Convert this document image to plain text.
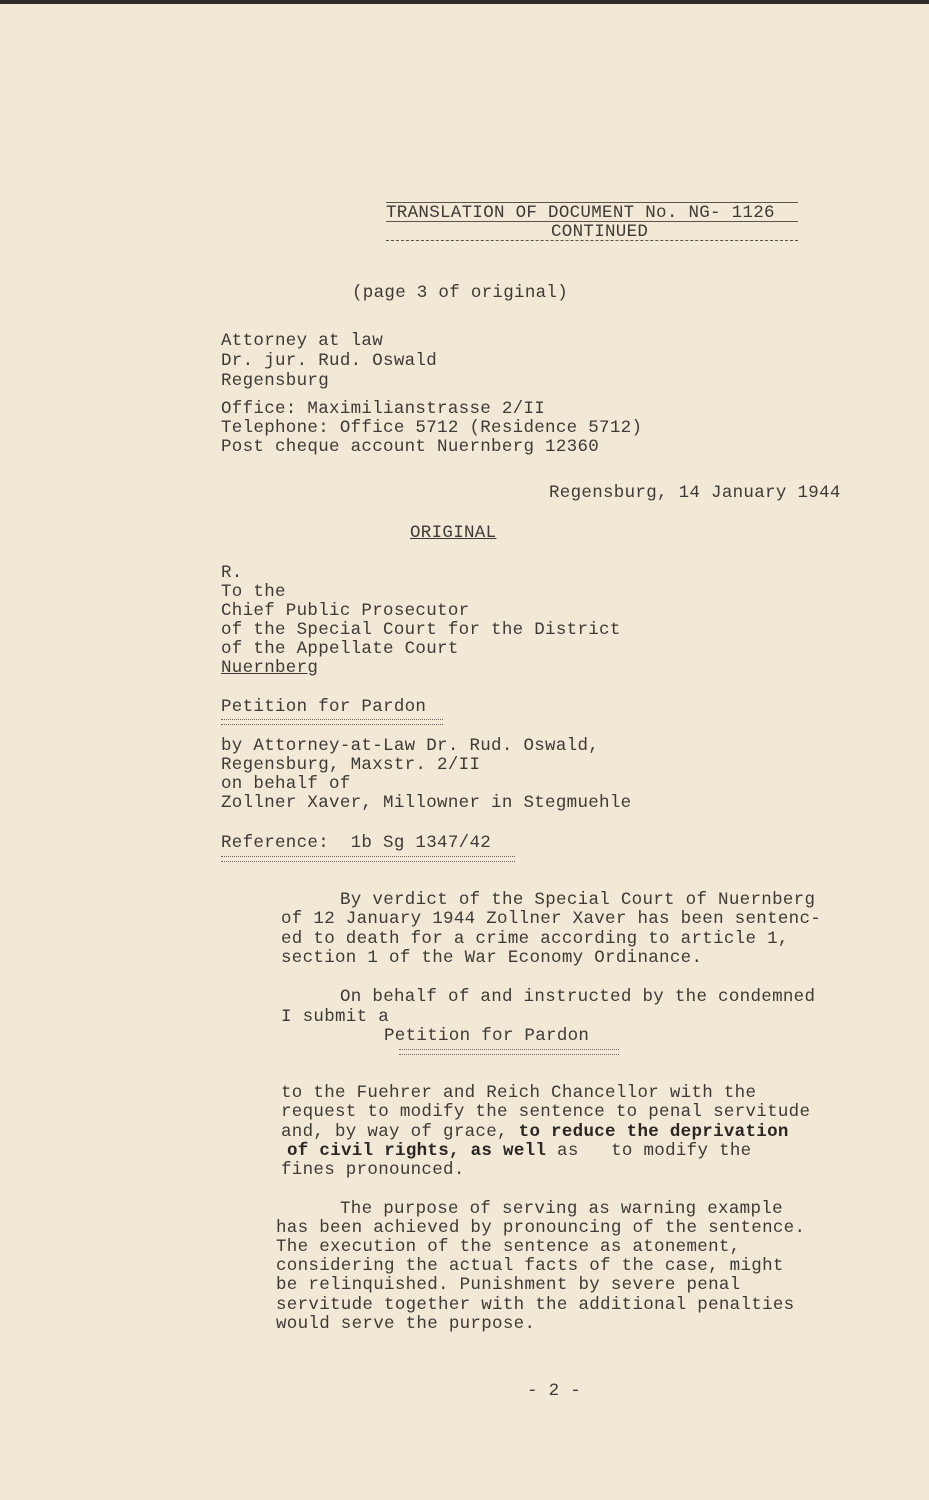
TRANSLATION OF DOCUMENT No. NG- 1126
CONTINUED
(page 3 of original)
Attorney at law
Dr. jur. Rud. Oswald
Regensburg
Office: Maximilianstrasse 2/II
Telephone: Office 5712 (Residence 5712)
Post cheque account Nuernberg 12360
Regensburg, 14 January 1944
ORIGINAL
R.
To the
Chief Public Prosecutor
of the Special Court for the District
of the Appellate Court
Nuernberg
Petition for Pardon
by Attorney-at-Law Dr. Rud. Oswald,
Regensburg, Maxstr. 2/II
on behalf of
Zollner Xaver, Millowner in Stegmuehle
Reference:  1b Sg 1347/42
By verdict of the Special Court of Nuernberg
of 12 January 1944 Zollner Xaver has been sentenc-
ed to death for a crime according to article 1,
section 1 of the War Economy Ordinance.
On behalf of and instructed by the condemned
I submit a
Petition for Pardon
to the Fuehrer and Reich Chancellor with the
request to modify the sentence to penal servitude
and, by way of grace, to reduce the deprivation
of civil rights, as well as   to modify the
fines pronounced.
The purpose of serving as warning example
has been achieved by pronouncing of the sentence.
The execution of the sentence as atonement,
considering the actual facts of the case, might
be relinquished. Punishment by severe penal
servitude together with the additional penalties
would serve the purpose.
- 2 -
